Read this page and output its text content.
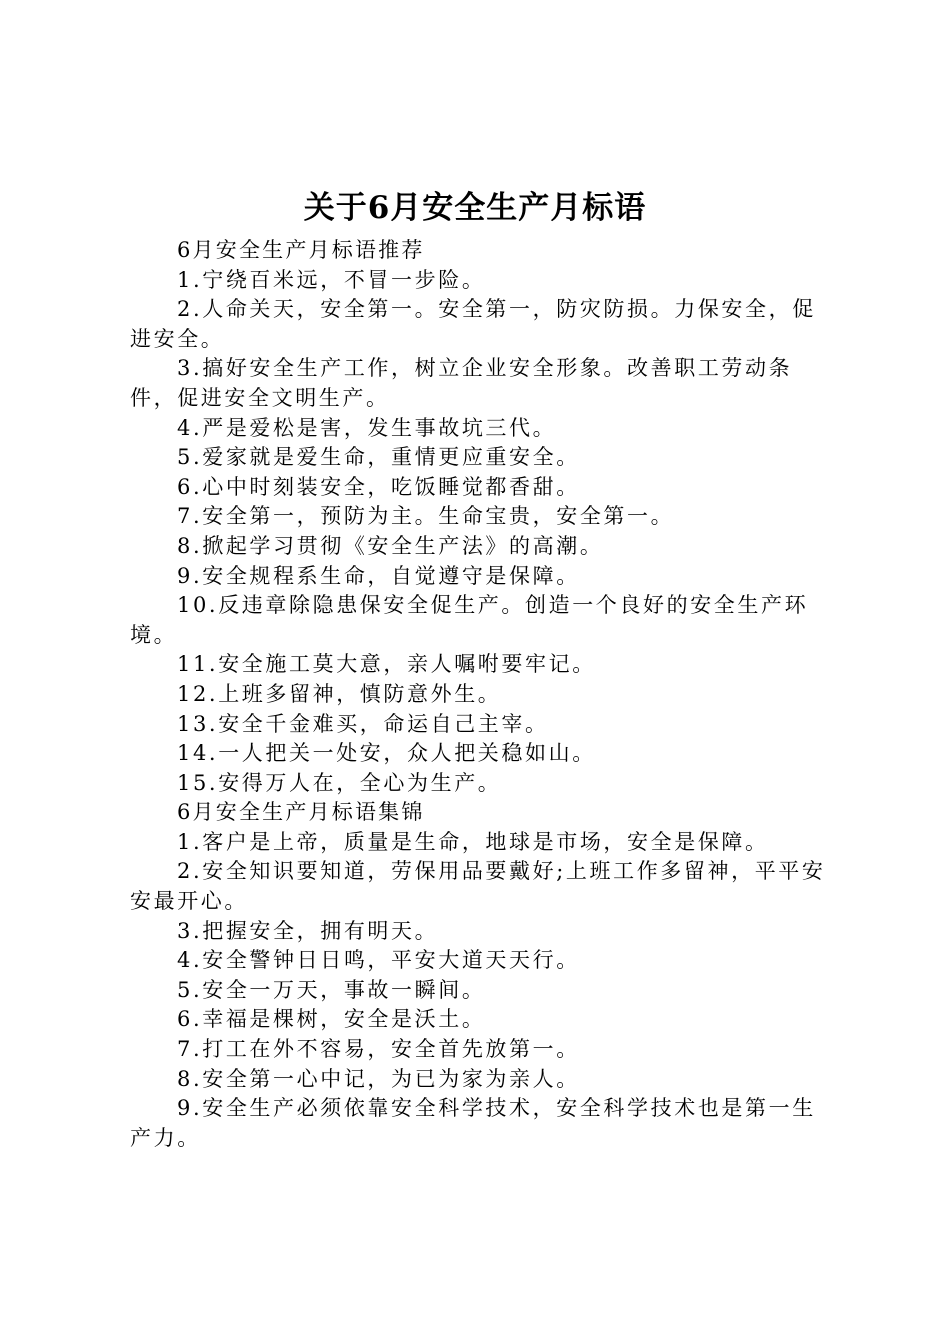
关于6月安全生产月标语

6月安全生产月标语推荐

1.宁绕百米远，不冒一步险。

2.人命关天，安全第一。安全第一，防灾防损。力保安全，促进安全。

3.搞好安全生产工作，树立企业安全形象。改善职工劳动条件，促进安全文明生产。

4.严是爱松是害，发生事故坑三代。

5.爱家就是爱生命，重情更应重安全。

6.心中时刻装安全，吃饭睡觉都香甜。

7.安全第一，预防为主。生命宝贵，安全第一。

8.掀起学习贯彻《安全生产法》的高潮。

9.安全规程系生命，自觉遵守是保障。

10.反违章除隐患保安全促生产。创造一个良好的安全生产环境。

11.安全施工莫大意，亲人嘱咐要牢记。

12.上班多留神，慎防意外生。

13.安全千金难买，命运自己主宰。

14.一人把关一处安，众人把关稳如山。

15.安得万人在，全心为生产。

6月安全生产月标语集锦

1.客户是上帝，质量是生命，地球是市场，安全是保障。

2.安全知识要知道，劳保用品要戴好;上班工作多留神，平平安安最开心。

3.把握安全，拥有明天。

4.安全警钟日日鸣，平安大道天天行。

5.安全一万天，事故一瞬间。

6.幸福是棵树，安全是沃土。

7.打工在外不容易，安全首先放第一。

8.安全第一心中记，为已为家为亲人。

9.安全生产必须依靠安全科学技术，安全科学技术也是第一生产力。
